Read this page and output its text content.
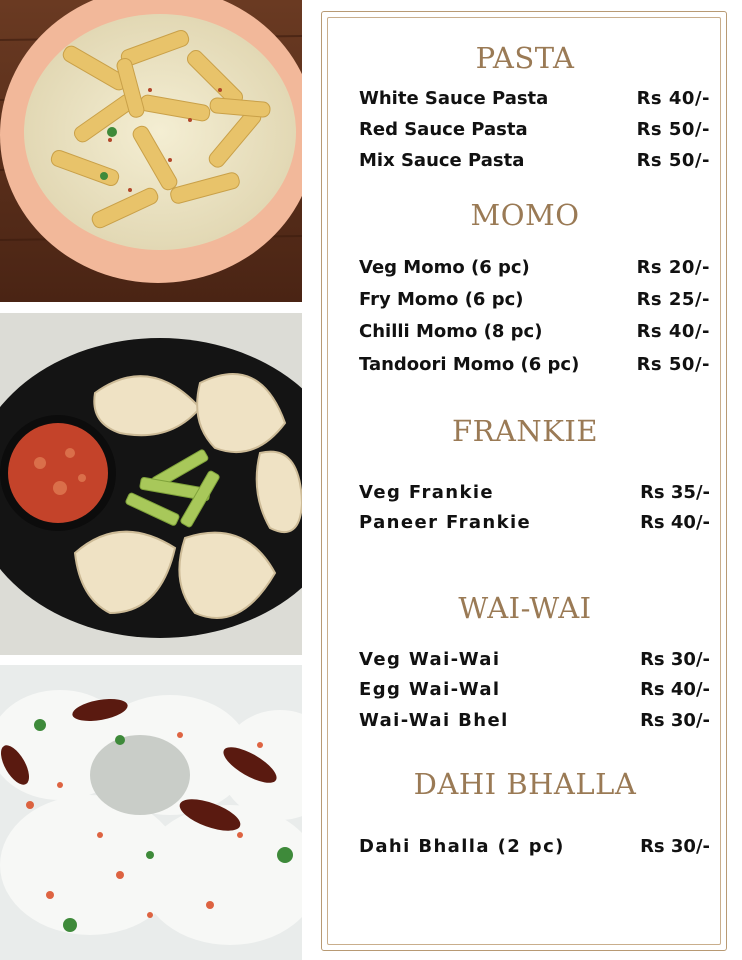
PASTA
White Sauce Pasta	Rs 40/-
Red Sauce Pasta	Rs 50/-
Mix Sauce Pasta	Rs 50/-
MOMO
Veg Momo (6 pc)	Rs 20/-
Fry Momo (6 pc)	Rs 25/-
Chilli Momo (8 pc)	Rs 40/-
Tandoori Momo (6 pc)	Rs 50/-
FRANKIE
Veg Frankie	Rs 35/-
Paneer Frankie	Rs 40/-
WAI-WAI
Veg Wai-Wai	Rs 30/-
Egg Wai-Wal	Rs 40/-
Wai-Wai Bhel	Rs 30/-
DAHI BHALLA
Dahi Bhalla (2 pc)	Rs 30/-
